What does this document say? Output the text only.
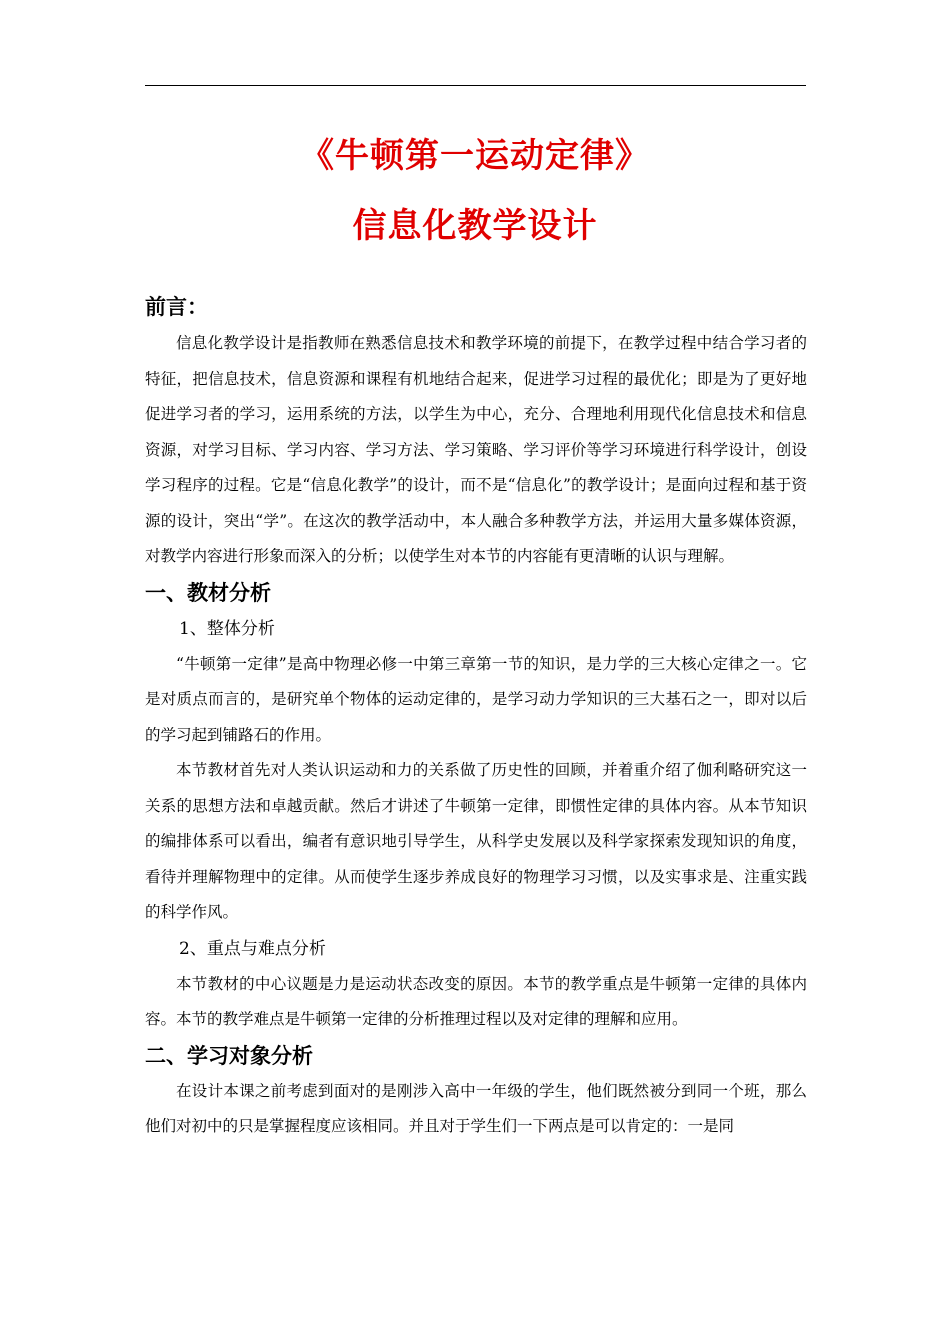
《牛顿第一运动定律》
信息化教学设计
前言：

信息化教学设计是指教师在熟悉信息技术和教学环境的前提下，在教学过程中结合学习者的特征，把信息技术，信息资源和课程有机地结合起来，促进学习过程的最优化；即是为了更好地促进学习者的学习，运用系统的方法，以学生为中心，充分、合理地利用现代化信息技术和信息资源，对学习目标、学习内容、学习方法、学习策略、学习评价等学习环境进行科学设计，创设学习程序的过程。它是“信息化教学”的设计，而不是“信息化”的教学设计；是面向过程和基于资源的设计，突出“学”。在这次的教学活动中，本人融合多种教学方法，并运用大量多媒体资源，对教学内容进行形象而深入的分析；以使学生对本节的内容能有更清晰的认识与理解。

一、教材分析
1、整体分析

“牛顿第一定律”是高中物理必修一中第三章第一节的知识，是力学的三大核心定律之一。它是对质点而言的，是研究单个物体的运动定律的，是学习动力学知识的三大基石之一，即对以后的学习起到铺路石的作用。

本节教材首先对人类认识运动和力的关系做了历史性的回顾，并着重介绍了伽利略研究这一关系的思想方法和卓越贡献。然后才讲述了牛顿第一定律，即惯性定律的具体内容。从本节知识的编排体系可以看出，编者有意识地引导学生，从科学史发展以及科学家探索发现知识的角度，看待并理解物理中的定律。从而使学生逐步养成良好的物理学习习惯，以及实事求是、注重实践的科学作风。

2、重点与难点分析

本节教材的中心议题是力是运动状态改变的原因。本节的教学重点是牛顿第一定律的具体内容。本节的教学难点是牛顿第一定律的分析推理过程以及对定律的理解和应用。

二、学习对象分析

在设计本课之前考虑到面对的是刚涉入高中一年级的学生，他们既然被分到同一个班，那么他们对初中的只是掌握程度应该相同。并且对于学生们一下两点是可以肯定的：一是同
